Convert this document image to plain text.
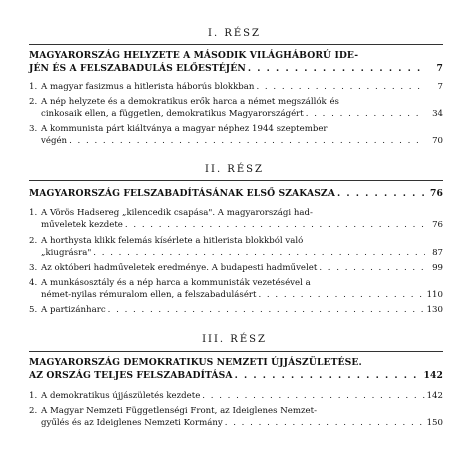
I. RÉSZ
MAGYARORSZÁG HELYZETE A MÁSODIK VILÁGHÁBORÚ IDE-
JÉN ÉS A FELSZABADULÁS ELŐESTÉJÉN . . .	7
1. A magyar fasizmus a hitlerista háborús blokkban . . .	7
2. A nép helyzete és a demokratikus erők harca a német megszállók és
cinkosaik ellen, a független, demokratikus Magyarországért . . .	34
3. A kommunista párt kiáltványa a magyar néphez 1944 szeptember
végén . . .	70
II. RÉSZ
MAGYARORSZÁG FELSZABADÍTÁSÁNAK ELSŐ SZAKASZA . . .	76
1. A Vörös Hadsereg „kilencedik csapása". A magyarországi had-
műveletek kezdete . . .	76
2. A horthysta klikk felemás kísérlete a hitlerista blokkból való
„kiugrásra" . . .	87
3. Az októberi hadműveletek eredménye. A budapesti hadművelet . . .	99
4. A munkásosztály és a nép harca a kommunisták vezetésével a
német-nyilas rémuralom ellen, a felszabadulásért . . .	110
5. A partizánharc . . .	130
III. RÉSZ
MAGYARORSZÁG DEMOKRATIKUS NEMZETI ÚJJÁSZÜLETÉSE.
AZ ORSZÁG TELJES FELSZABADÍTÁSA . . .	142
1. A demokratikus újjászületés kezdete . . .	142
2. A Magyar Nemzeti Függetlenségi Front, az Ideiglenes Nemzet-
gyűlés és az Ideiglenes Nemzeti Kormány . . .	150
